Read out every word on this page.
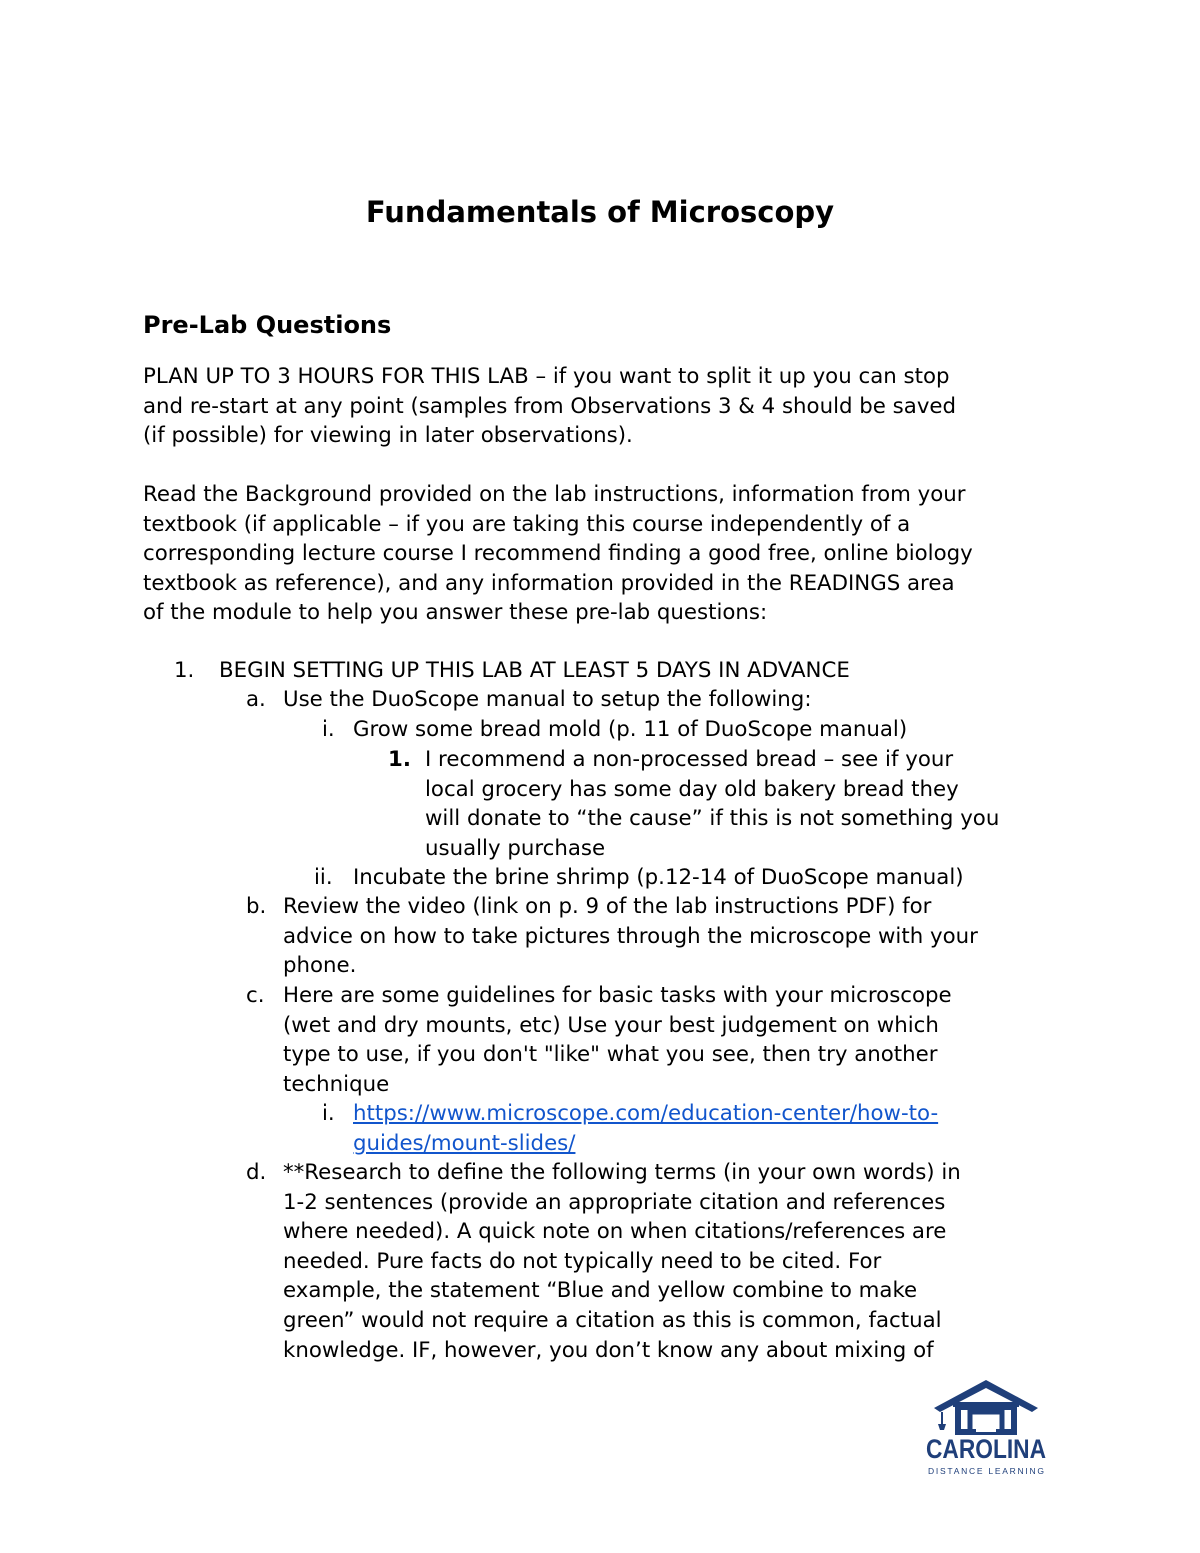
Fundamentals of Microscopy
Pre-Lab Questions
PLAN UP TO 3 HOURS FOR THIS LAB – if you want to split it up you can stop
and re-start at any point (samples from Observations 3 & 4 should be saved
(if possible) for viewing in later observations).
Read the Background provided on the lab instructions, information from your
textbook (if applicable – if you are taking this course independently of a
corresponding lecture course I recommend finding a good free, online biology
textbook as reference), and any information provided in the READINGS area
of the module to help you answer these pre-lab questions:
1. BEGIN SETTING UP THIS LAB AT LEAST 5 DAYS IN ADVANCE
a. Use the DuoScope manual to setup the following:
i. Grow some bread mold (p. 11 of DuoScope manual)
1. I recommend a non-processed bread – see if your
local grocery has some day old bakery bread they
will donate to “the cause” if this is not something you
usually purchase
ii. Incubate the brine shrimp (p.12-14 of DuoScope manual)
b. Review the video (link on p. 9 of the lab instructions PDF) for
advice on how to take pictures through the microscope with your
phone.
c. Here are some guidelines for basic tasks with your microscope
(wet and dry mounts, etc) Use your best judgement on which
type to use, if you don't "like" what you see, then try another
technique
i. https://www.microscope.com/education-center/how-to-
guides/mount-slides/
d. **Research to define the following terms (in your own words) in
1-2 sentences (provide an appropriate citation and references
where needed). A quick note on when citations/references are
needed. Pure facts do not typically need to be cited. For
example, the statement “Blue and yellow combine to make
green” would not require a citation as this is common, factual
knowledge. IF, however, you don’t know any about mixing of
CAROLINA
DISTANCE LEARNING
